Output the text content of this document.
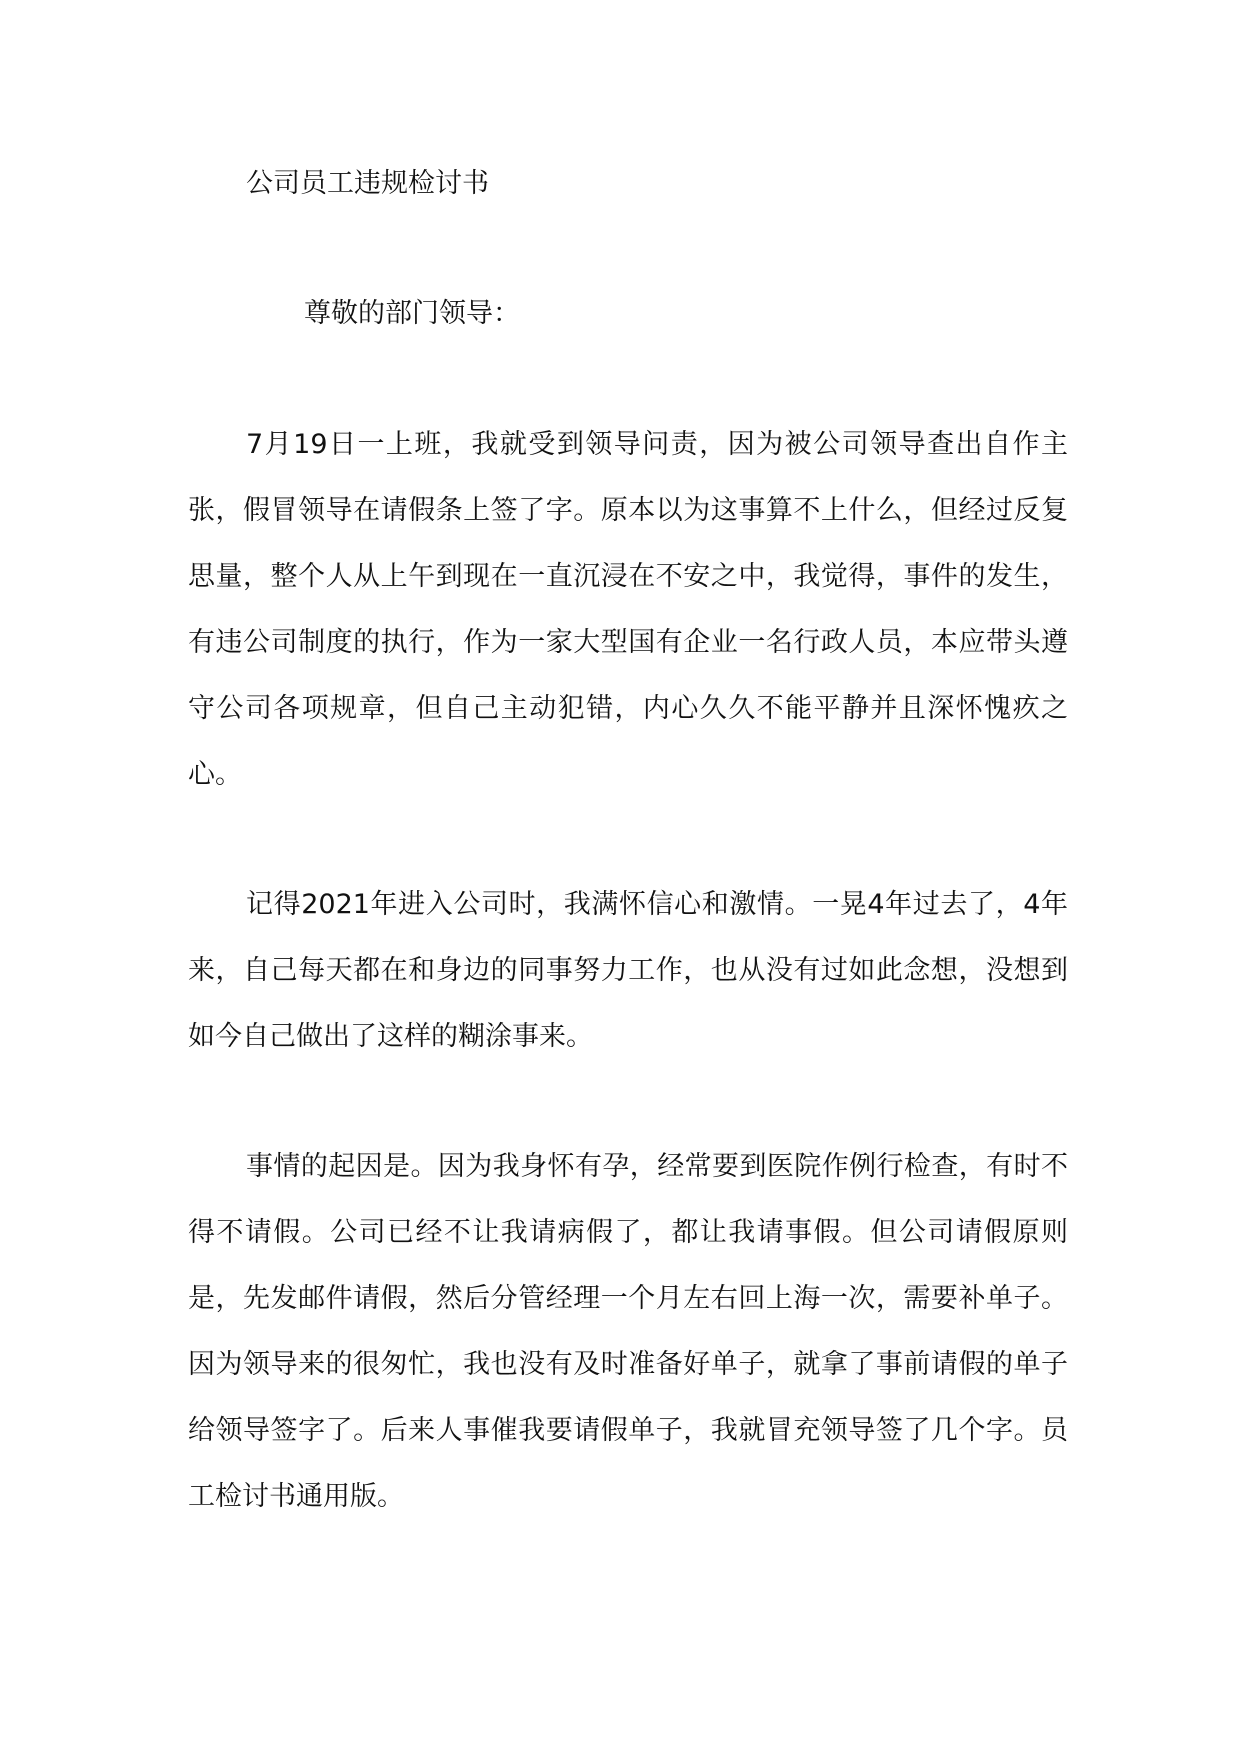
公司员工违规检讨书

尊敬的部门领导：

7月19日一上班，我就受到领导问责，因为被公司领导查出自作主张，假冒领导在请假条上签了字。原本以为这事算不上什么，但经过反复思量，整个人从上午到现在一直沉浸在不安之中，我觉得，事件的发生，有违公司制度的执行，作为一家大型国有企业一名行政人员，本应带头遵守公司各项规章，但自己主动犯错，内心久久不能平静并且深怀愧疚之心。

记得2021年进入公司时，我满怀信心和激情。一晃4年过去了，4年来，自己每天都在和身边的同事努力工作，也从没有过如此念想，没想到如今自己做出了这样的糊涂事来。

事情的起因是。因为我身怀有孕，经常要到医院作例行检查，有时不得不请假。公司已经不让我请病假了，都让我请事假。但公司请假原则是，先发邮件请假，然后分管经理一个月左右回上海一次，需要补单子。因为领导来的很匆忙，我也没有及时准备好单子，就拿了事前请假的单子给领导签字了。后来人事催我要请假单子，我就冒充领导签了几个字。员工检讨书通用版。
